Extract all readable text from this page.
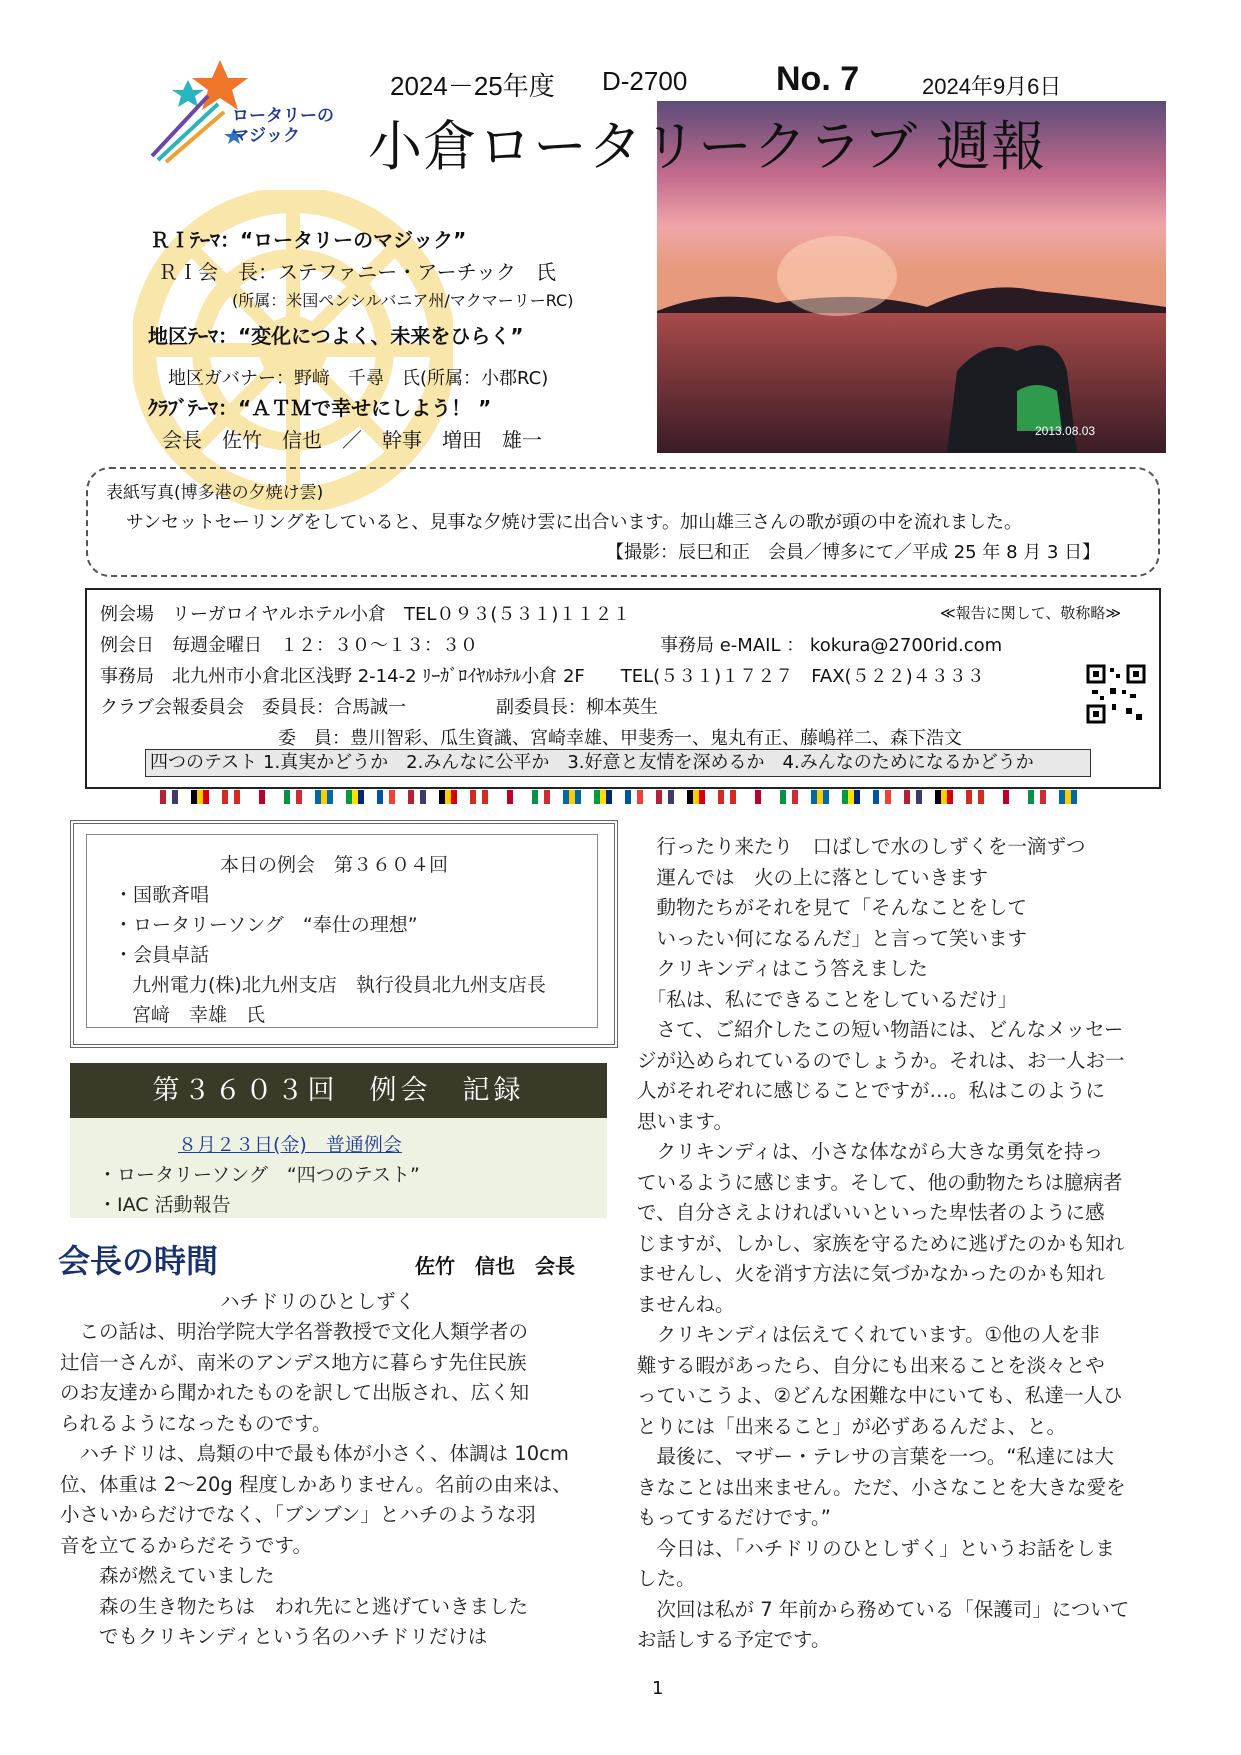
ロータリーの
マジック
2024－25年度 D-2700	No. 7	2024年9月6日
2013.08.03
小倉ロータリークラブ 週報
ＲＩﾃｰﾏ：“ロータリーのマジック”
ＲＩ会　長：ステファニー・アーチック　氏
(所属：米国ペンシルバニア州/マクマーリーRC)
地区ﾃｰﾏ：“変化につよく、未来をひらく”
地区ガバナー：野﨑　千尋　氏(所属：小郡RC)
ｸﾗﾌﾞﾃｰﾏ：“ＡＴＭで幸せにしよう！ ”
会長　佐竹　信也　／　幹事　増田　雄一
表紙写真(博多港の夕焼け雲)
サンセットセーリングをしていると、見事な夕焼け雲に出合います。加山雄三さんの歌が頭の中を流れました。
【撮影：辰巳和正　会員／博多にて／平成 25 年 8 月 3 日】
例会場　リーガロイヤルホテル小倉　TEL０９３(５３１)１１２１	≪報告に関して、敬称略≫
例会日　毎週金曜日　１２：３０～１３：３０	事務局 e-MAIL ： kokura@2700rid.com
事務局　北九州市小倉北区浅野 2-14-2 ﾘｰｶﾞﾛｲﾔﾙﾎﾃﾙ小倉 2F　　TEL(５３１)１７２７　FAX(５２２)４３３３
クラブ会報委員会　委員長：合馬誠一　　　　　副委員長：柳本英生
委　員：豊川智彩、瓜生資識、宮崎幸雄、甲斐秀一、鬼丸有正、藤嶋祥二、森下浩文
四つのテスト 1.真実かどうか　2.みんなに公平か　3.好意と友情を深めるか　4.みんなのためになるかどうか
本日の例会　第３６０４回
・国歌斉唱
・ロータリーソング　“奉仕の理想”
・会員卓話
九州電力(株)北九州支店　執行役員北九州支店長
宮﨑　幸雄　氏
第３６０３回　例会　記録
８月２３日(金)　普通例会
・ロータリーソング　“四つのテスト”
・IAC 活動報告
会長の時間	佐竹　信也　会長
ハチドリのひとしずく
　この話は、明治学院大学名誉教授で文化人類学者の
辻信一さんが、南米のアンデス地方に暮らす先住民族
のお友達から聞かれたものを訳して出版され、広く知
られるようになったものです。
　ハチドリは、鳥類の中で最も体が小さく、体調は 10cm
位、体重は 2～20g 程度しかありません。名前の由来は、
小さいからだけでなく、「ブンブン」とハチのような羽
音を立てるからだそうです。
　　森が燃えていました
　　森の生き物たちは　われ先にと逃げていきました
　　でもクリキンディという名のハチドリだけは
　行ったり来たり　口ばしで水のしずくを一滴ずつ
　運んでは　火の上に落としていきます
　動物たちがそれを見て「そんなことをして
　いったい何になるんだ」と言って笑います
　クリキンディはこう答えました
　「私は、私にできることをしているだけ」
　さて、ご紹介したこの短い物語には、どんなメッセー
ジが込められているのでしょうか。それは、お一人お一
人がそれぞれに感じることですが…。私はこのように
思います。
　クリキンディは、小さな体ながら大きな勇気を持っ
ているように感じます。そして、他の動物たちは臆病者
で、自分さえよければいいといった卑怯者のように感
じますが、しかし、家族を守るために逃げたのかも知れ
ませんし、火を消す方法に気づかなかったのかも知れ
ませんね。
　クリキンディは伝えてくれています。①他の人を非
難する暇があったら、自分にも出来ることを淡々とや
っていこうよ、②どんな困難な中にいても、私達一人ひ
とりには「出来ること」が必ずあるんだよ、と。
　最後に、マザー・テレサの言葉を一つ。“私達には大
きなことは出来ません。ただ、小さなことを大きな愛を
もってするだけです。”
　今日は、「ハチドリのひとしずく」というお話をしま
した。
　次回は私が 7 年前から務めている「保護司」について
お話しする予定です。
1
